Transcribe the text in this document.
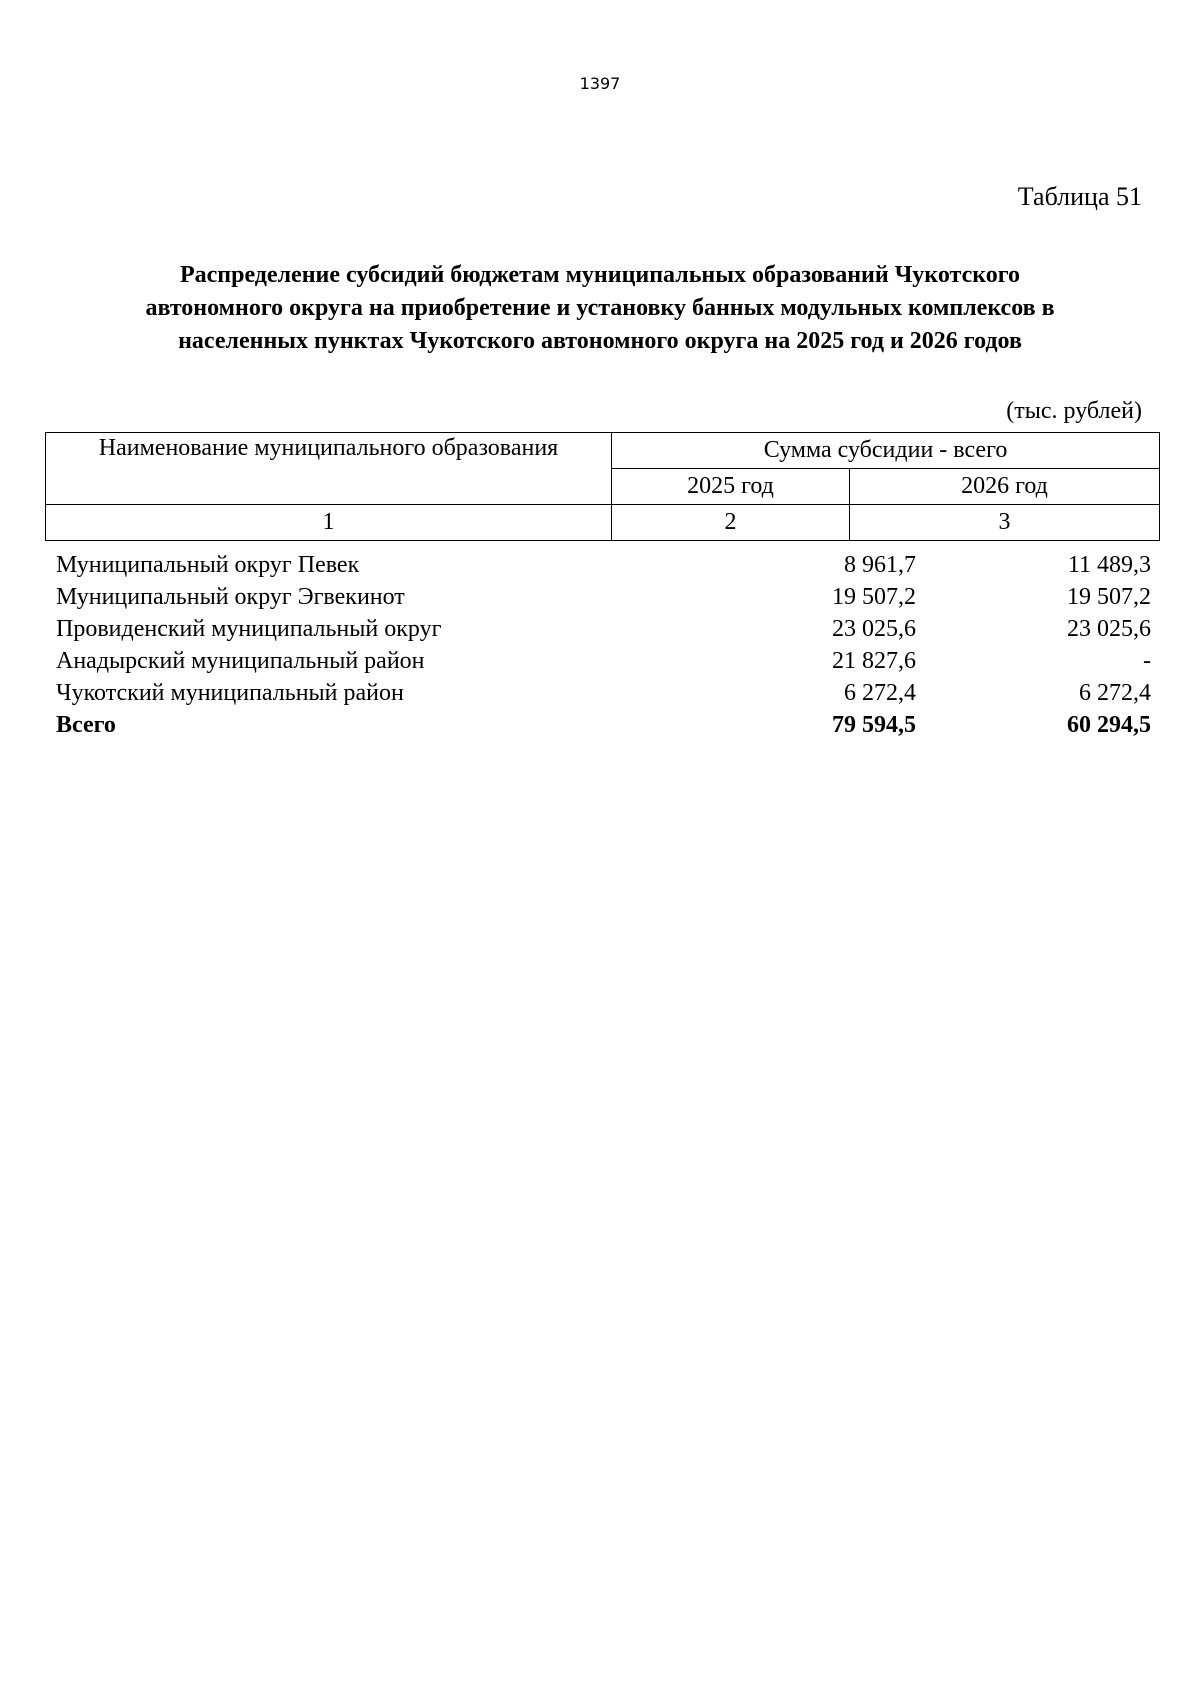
1397
Таблица 51
Распределение субсидий бюджетам муниципальных образований Чукотского
автономного округа на приобретение и установку банных модульных комплексов в
населенных пунктах Чукотского автономного округа на 2025 год и 2026 годов
(тыс. рублей)
Наименование муниципального образования	Сумма субсидии - всего	
	2025 год	2026 год
1	2	3
Муниципальный округ Певек	8 961,7	11 489,3
Муниципальный округ Эгвекинот	19 507,2	19 507,2
Провиденский муниципальный округ	23 025,6	23 025,6
Анадырский муниципальный район	21 827,6	-
Чукотский муниципальный район	6 272,4	6 272,4
Всего	79 594,5	60 294,5
